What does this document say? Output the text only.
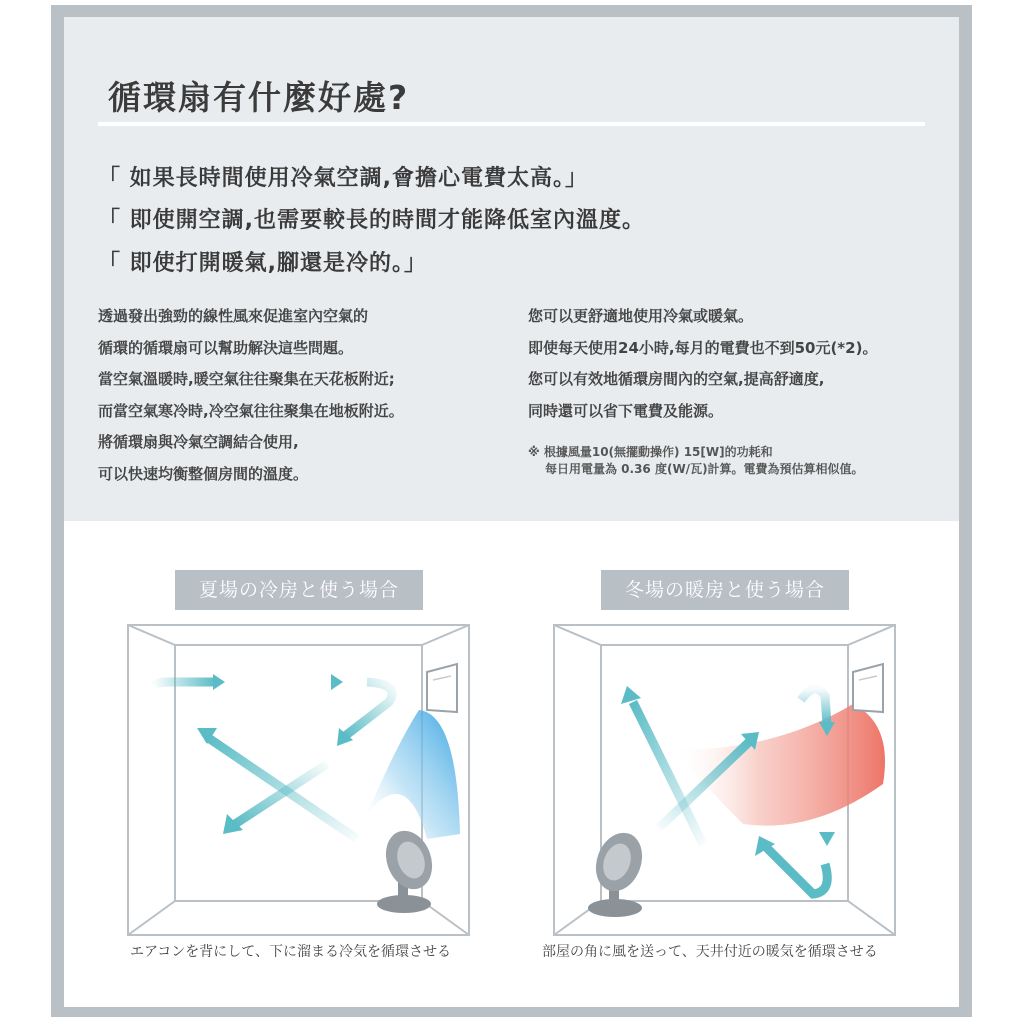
循環扇有什麼好處?
「 如果長時間使用冷氣空調,會擔心電費太高。」
「 即使開空調,也需要較長的時間才能降低室內溫度。
「 即使打開暖氣,腳還是冷的。」
透過發出強勁的線性風來促進室內空氣的
循環的循環扇可以幫助解決這些問題。
當空氣溫暖時,暖空氣往往聚集在天花板附近;
而當空氣寒冷時,冷空氣往往聚集在地板附近。
將循環扇與冷氣空調結合使用,
可以快速均衡整個房間的溫度。
您可以更舒適地使用冷氣或暖氣。
即使每天使用24小時,每月的電費也不到50元(*2)。
您可以有效地循環房間內的空氣,提高舒適度,
同時還可以省下電費及能源。
※ 根據風量10(無擺動操作) 15[W]的功耗和
每日用電量為 0.36 度(W/瓦)計算。電費為預估算相似值。
夏場の冷房と使う場合	冬場の暖房と使う場合
エアコンを背にして、下に溜まる冷気を循環させる	部屋の角に風を送って、天井付近の暖気を循環させる
